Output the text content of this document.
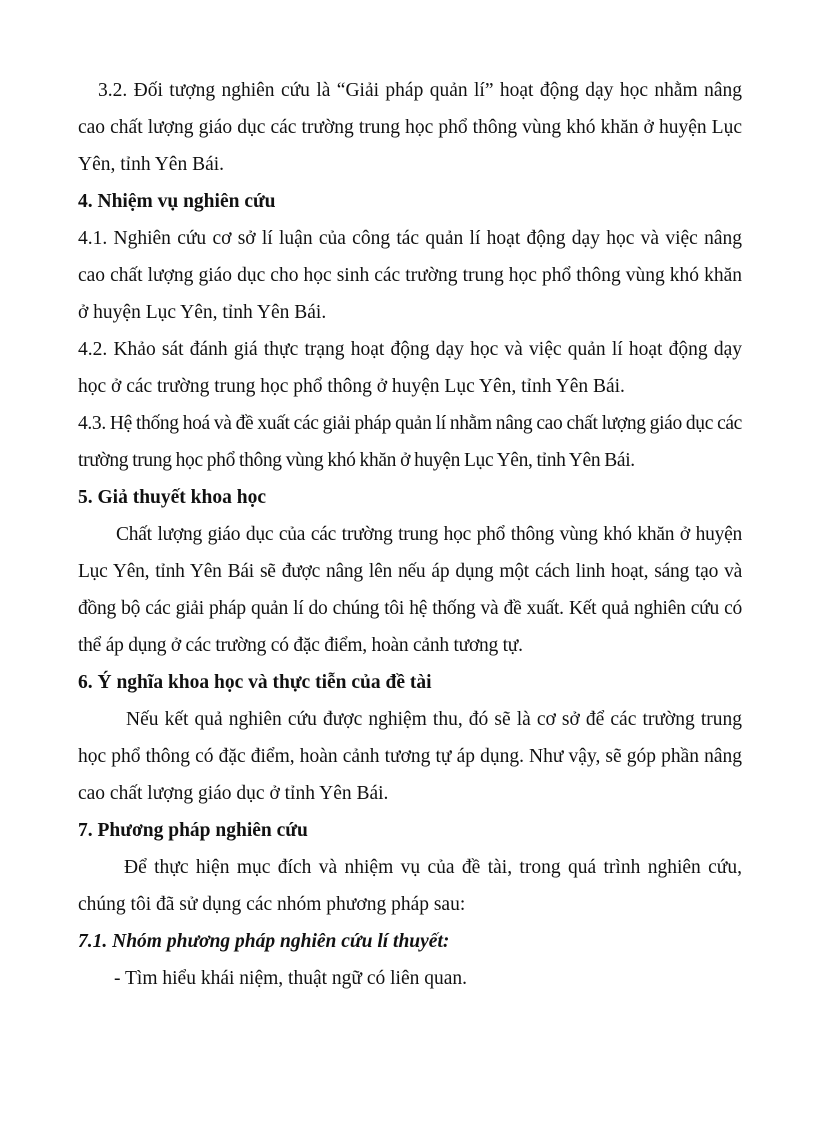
3.2. Đối tượng nghiên cứu là “Giải pháp quản lí” hoạt động dạy học nhằm nâng cao chất lượng giáo dục các trường trung học phổ thông vùng khó khăn ở huyện Lục Yên, tỉnh Yên Bái.

4. Nhiệm vụ nghiên cứu

4.1. Nghiên cứu cơ sở lí luận của công tác quản lí hoạt động dạy học và việc nâng cao chất lượng giáo dục cho học sinh các trường trung học phổ thông vùng khó khăn ở huyện Lục Yên, tỉnh Yên Bái.

4.2. Khảo sát đánh giá thực trạng hoạt động dạy học và việc quản lí hoạt động dạy học ở các trường trung học phổ thông ở huyện Lục Yên, tỉnh Yên Bái.

4.3. Hệ thống hoá và đề xuất các giải pháp quản lí nhằm nâng cao chất lượng giáo dục các trường trung học phổ thông vùng khó khăn ở huyện Lục Yên, tỉnh Yên Bái.

5. Giả thuyết khoa học

Chất lượng giáo dục của các trường trung học phổ thông vùng khó khăn ở huyện Lục Yên, tỉnh Yên Bái sẽ được nâng lên nếu áp dụng một cách linh hoạt, sáng tạo và đồng bộ các giải pháp quản lí do chúng tôi hệ thống và đề xuất. Kết quả nghiên cứu có thể áp dụng ở các trường có đặc điểm, hoàn cảnh tương tự.

6. Ý nghĩa khoa học và thực tiễn của đề tài

Nếu kết quả nghiên cứu được nghiệm thu, đó sẽ là cơ sở để các trường trung học phổ thông có đặc điểm, hoàn cảnh tương tự áp dụng. Như vậy, sẽ góp phần nâng cao chất lượng giáo dục ở tỉnh Yên Bái.

7. Phương pháp nghiên cứu

Để thực hiện mục đích và nhiệm vụ của đề tài, trong quá trình nghiên cứu, chúng tôi đã sử dụng các nhóm phương pháp sau:

7.1. Nhóm phương pháp nghiên cứu lí thuyết:

- Tìm hiểu khái niệm, thuật ngữ có liên quan.
